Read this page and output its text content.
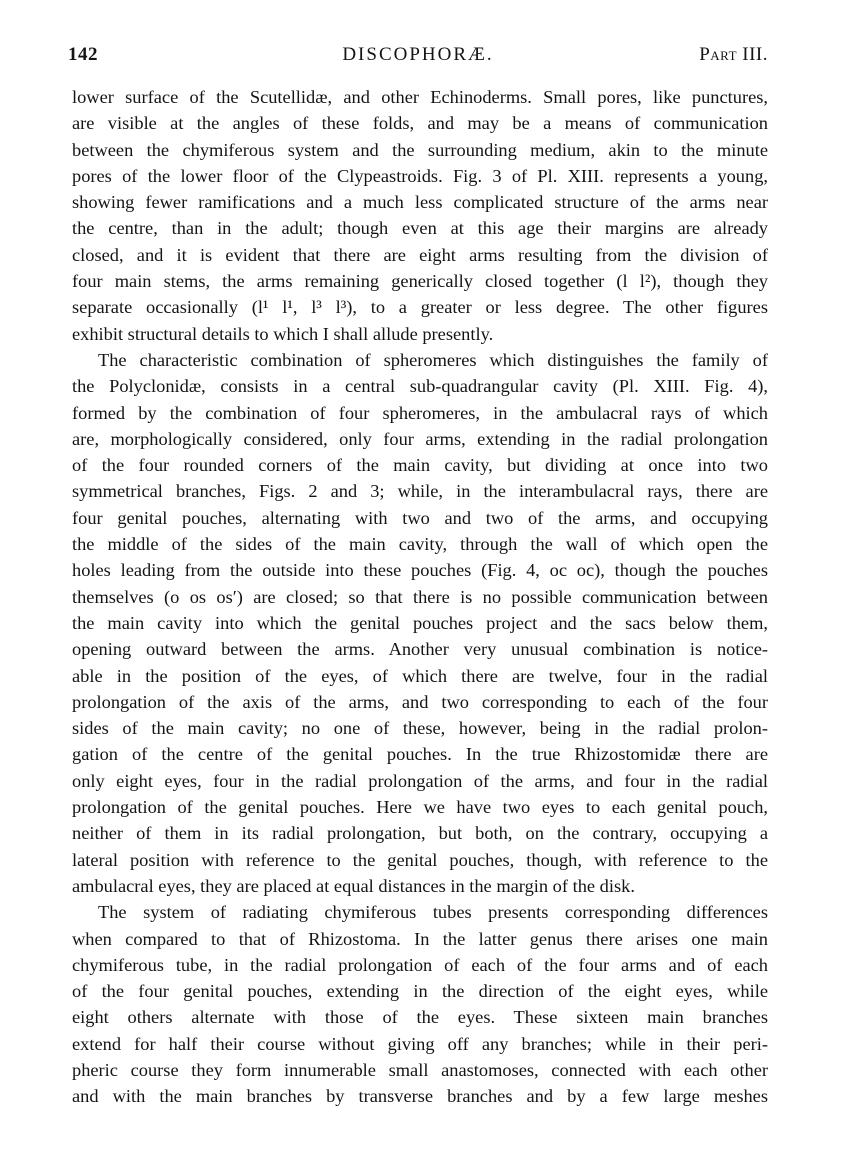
142	DISCOPHORÆ.	Part III.
lower surface of the Scutellidæ, and other Echinoderms. Small pores, like punctures,
are visible at the angles of these folds, and may be a means of communication
between the chymiferous system and the surrounding medium, akin to the minute
pores of the lower floor of the Clypeastroids. Fig. 3 of Pl. XIII. represents a young,
showing fewer ramifications and a much less complicated structure of the arms near
the centre, than in the adult; though even at this age their margins are already
closed, and it is evident that there are eight arms resulting from the division of
four main stems, the arms remaining generically closed together (l l²), though they
separate occasionally (l¹ l¹, l³ l³), to a greater or less degree. The other figures
exhibit structural details to which I shall allude presently.
The characteristic combination of spheromeres which distinguishes the family of
the Polyclonidæ, consists in a central sub-quadrangular cavity (Pl. XIII. Fig. 4),
formed by the combination of four spheromeres, in the ambulacral rays of which
are, morphologically considered, only four arms, extending in the radial prolongation
of the four rounded corners of the main cavity, but dividing at once into two
symmetrical branches, Figs. 2 and 3; while, in the interambulacral rays, there are
four genital pouches, alternating with two and two of the arms, and occupying
the middle of the sides of the main cavity, through the wall of which open the
holes leading from the outside into these pouches (Fig. 4, oc oc), though the pouches
themselves (o os os′) are closed; so that there is no possible communication between
the main cavity into which the genital pouches project and the sacs below them,
opening outward between the arms. Another very unusual combination is notice-
able in the position of the eyes, of which there are twelve, four in the radial
prolongation of the axis of the arms, and two corresponding to each of the four
sides of the main cavity; no one of these, however, being in the radial prolon-
gation of the centre of the genital pouches. In the true Rhizostomidæ there are
only eight eyes, four in the radial prolongation of the arms, and four in the radial
prolongation of the genital pouches. Here we have two eyes to each genital pouch,
neither of them in its radial prolongation, but both, on the contrary, occupying a
lateral position with reference to the genital pouches, though, with reference to the
ambulacral eyes, they are placed at equal distances in the margin of the disk.
The system of radiating chymiferous tubes presents corresponding differences
when compared to that of Rhizostoma. In the latter genus there arises one main
chymiferous tube, in the radial prolongation of each of the four arms and of each
of the four genital pouches, extending in the direction of the eight eyes, while
eight others alternate with those of the eyes. These sixteen main branches
extend for half their course without giving off any branches; while in their peri-
pheric course they form innumerable small anastomoses, connected with each other
and with the main branches by transverse branches and by a few large meshes
